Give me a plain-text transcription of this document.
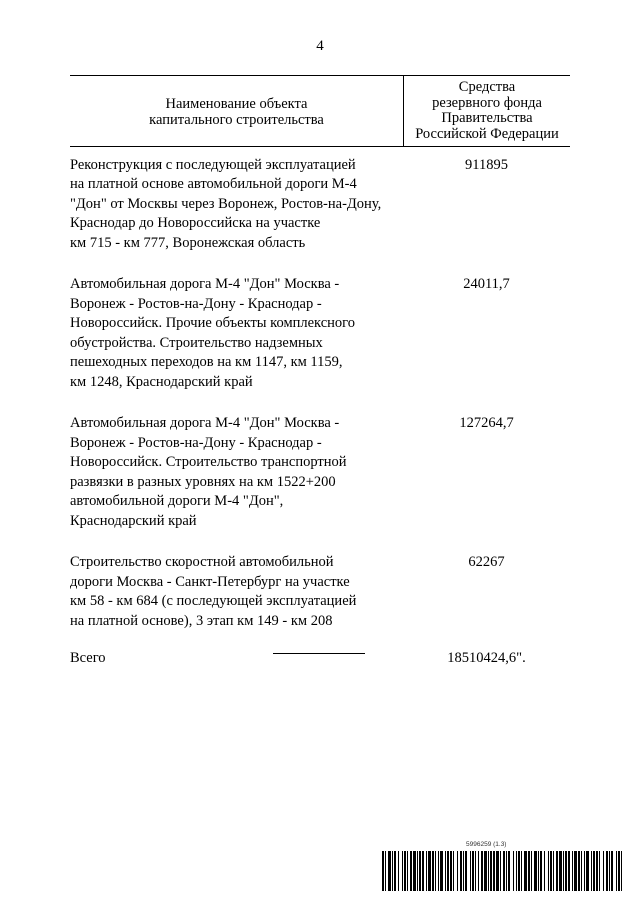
4
Наименование объекта
капитального строительства
Средства
резервного фонда
Правительства
Российской Федерации
Реконструкция с последующей эксплуатацией
на платной основе автомобильной дороги М-4
"Дон" от Москвы через Воронеж, Ростов-на-Дону,
Краснодар до Новороссийска на участке
км 715 - км 777, Воронежская область
911895
Автомобильная дорога М-4 "Дон" Москва -
Воронеж - Ростов-на-Дону - Краснодар -
Новороссийск. Прочие объекты комплексного
обустройства. Строительство надземных
пешеходных переходов на км 1147, км 1159,
км 1248, Краснодарский край
24011,7
Автомобильная дорога М-4 "Дон" Москва -
Воронеж - Ростов-на-Дону - Краснодар -
Новороссийск. Строительство транспортной
развязки в разных уровнях на км 1522+200
автомобильной дороги М-4 "Дон",
Краснодарский край
127264,7
Строительство скоростной автомобильной
дороги Москва - Санкт-Петербург на участке
км 58 - км 684 (с последующей эксплуатацией
на платной основе), 3 этап км 149 - км 208
62267
Всего	18510424,6".
5996259 (1.3)
